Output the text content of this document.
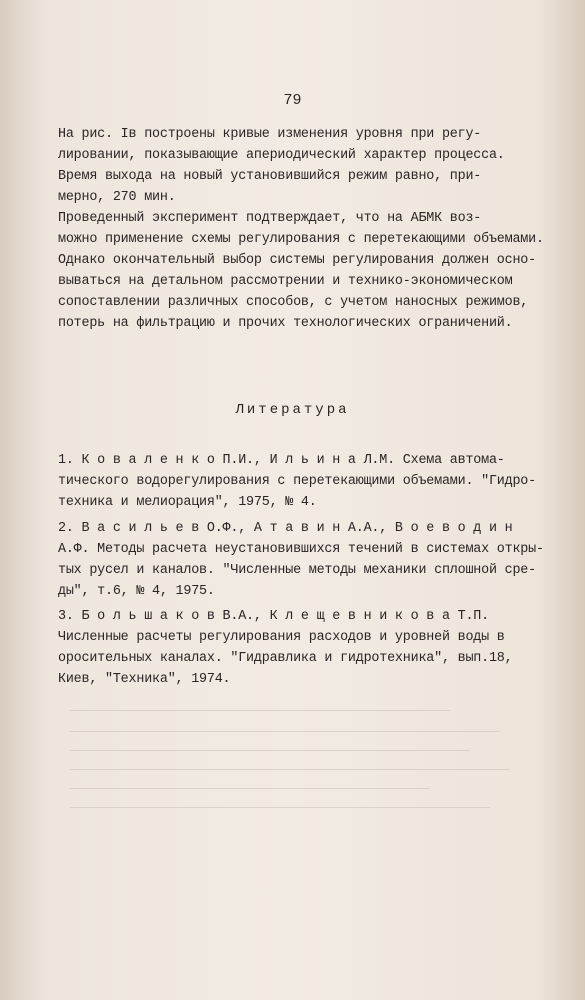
79
На рис. Iв построены кривые изменения уровня при регу-
лировании, показывающие апериодический характер процесса.
Время выхода на новый установившийся режим равно, при-
мерно, 270 мин.
Проведенный эксперимент подтверждает, что на АБМК воз-
можно применение схемы регулирования с перетекающими объемами.
Однако окончательный выбор системы регулирования должен осно-
вываться на детальном рассмотрении и технико-экономическом
сопоставлении различных способов, с учетом наносных режимов,
потерь на фильтрацию и прочих технологических ограничений.
Литература
1. К о в а л е н к о П.И., И л ь и н а Л.М. Схема автома-
тического водорегулирования с перетекающими объемами. "Гидро-
техника и мелиорация", 1975, № 4.
2. В а с и л ь е в О.Ф., А т а в и н А.А., В о е в о д и н
А.Ф. Методы расчета неустановившихся течений в системах откры-
тых русел и каналов. "Численные методы механики сплошной сре-
ды", т.6, № 4, 1975.
3. Б о л ь ш а к о в В.А., К л е щ е в н и к о в а Т.П.
Численные расчеты регулирования расходов и уровней воды в
оросительных каналах. "Гидравлика и гидротехника", вып.18,
Киев, "Техника", 1974.
